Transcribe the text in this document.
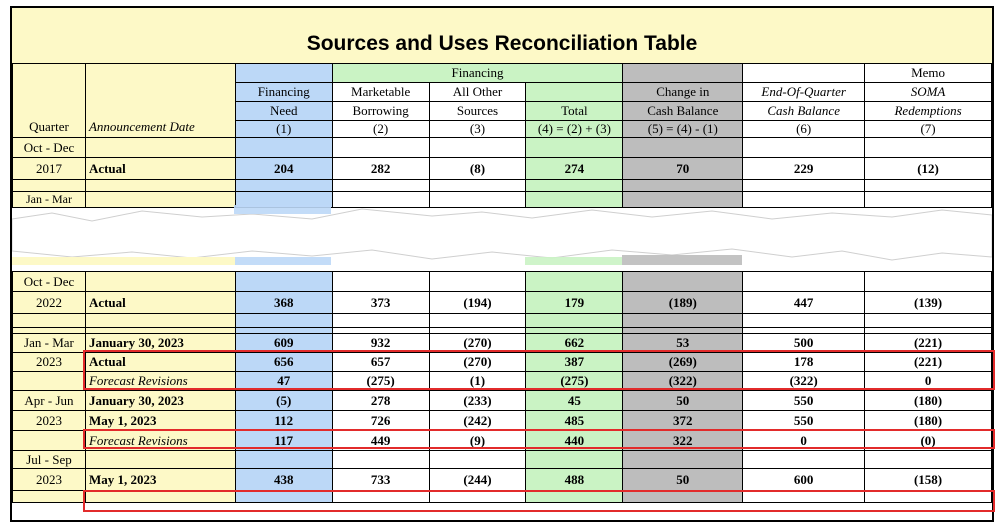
Sources and Uses Reconciliation Table
Quarter	Announcement Date		Financing					Memo
		Financing	Marketable	All Other		Change in	End-Of-Quarter	SOMA
		Need	Borrowing	Sources	Total	Cash Balance	Cash Balance	Redemptions
		(1)	(2)	(3)	(4) = (2) + (3)	(5) = (4) - (1)	(6)	(7)
Oct - Dec								
2017	Actual	204	282	(8)	274	70	229	(12)

Jan - Mar								

Oct - Dec								
2022	Actual	368	373	(194)	179	(189)	447	(139)

Jan - Mar	January 30, 2023	609	932	(270)	662	53	500	(221)
2023	Actual	656	657	(270)	387	(269)	178	(221)
	Forecast Revisions	47	(275)	(1)	(275)	(322)	(322)	0
Apr - Jun	January 30, 2023	(5)	278	(233)	45	50	550	(180)
2023	May 1, 2023	112	726	(242)	485	372	550	(180)
	Forecast Revisions	117	449	(9)	440	322	0	(0)
Jul - Sep								
2023	May 1, 2023	438	733	(244)	488	50	600	(158)
